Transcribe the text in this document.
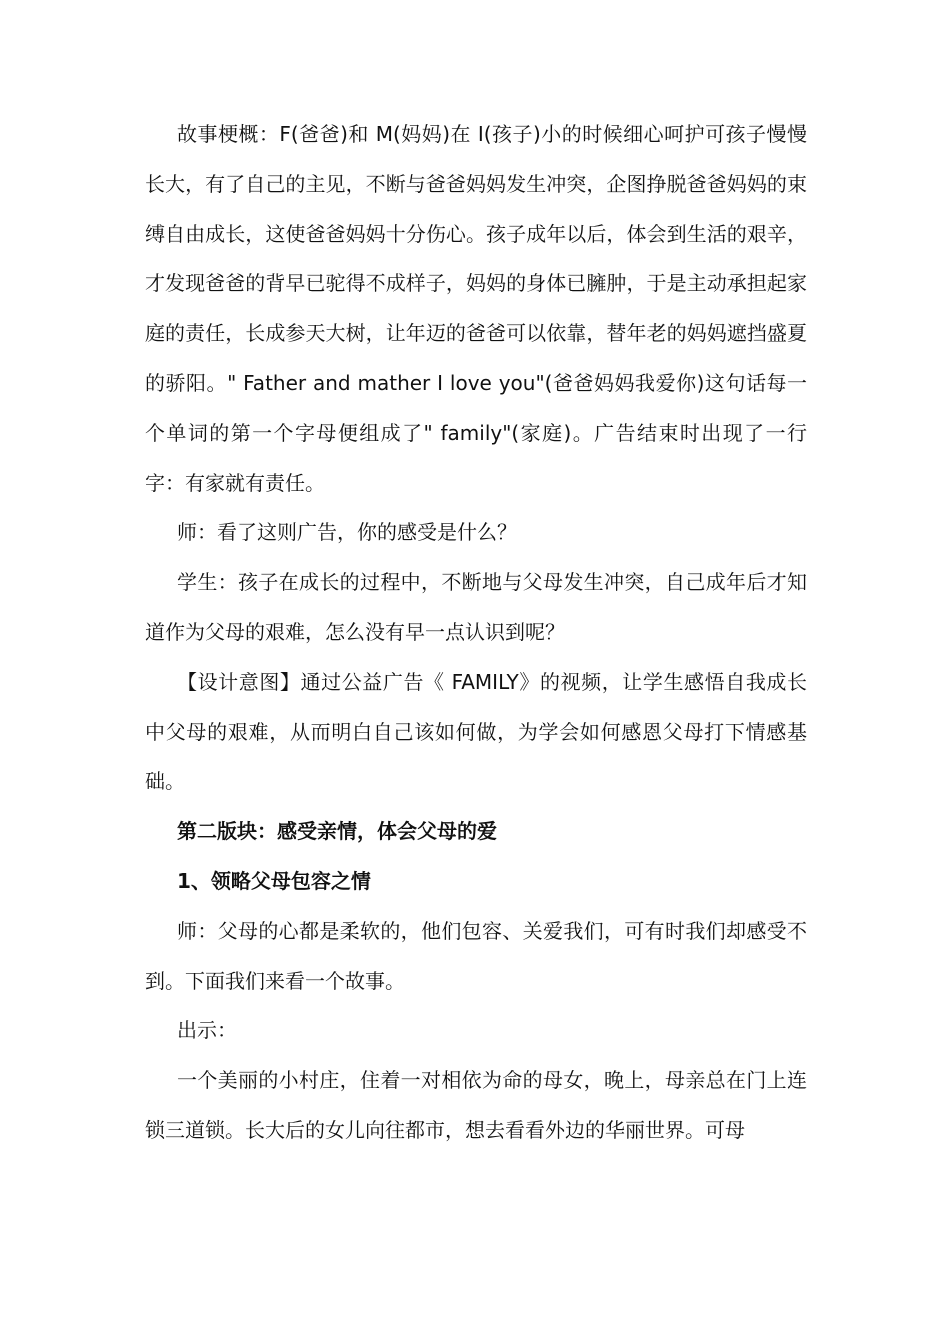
故事梗概：F(爸爸)和 M(妈妈)在 I(孩子)小的时候细心呵护可孩子慢慢长大，有了自己的主见，不断与爸爸妈妈发生冲突，企图挣脱爸爸妈妈的束缚自由成长，这使爸爸妈妈十分伤心。孩子成年以后，体会到生活的艰辛，才发现爸爸的背早已驼得不成样子，妈妈的身体已臃肿，于是主动承担起家庭的责任，长成参天大树，让年迈的爸爸可以依靠，替年老的妈妈遮挡盛夏的骄阳。" Father and mather I love you"(爸爸妈妈我爱你)这句话每一个单词的第一个字母便组成了" family"(家庭)。广告结束时出现了一行字：有家就有责任。

师：看了这则广告，你的感受是什么？

学生：孩子在成长的过程中，不断地与父母发生冲突，自己成年后才知道作为父母的艰难，怎么没有早一点认识到呢？

【设计意图】通过公益广告《 FAMILY》的视频，让学生感悟自我成长中父母的艰难，从而明白自己该如何做，为学会如何感恩父母打下情感基础。

第二版块：感受亲情，体会父母的爱

1、领略父母包容之情

师：父母的心都是柔软的，他们包容、关爱我们，可有时我们却感受不到。下面我们来看一个故事。

出示：

一个美丽的小村庄，住着一对相依为命的母女，晚上，母亲总在门上连锁三道锁。长大后的女儿向往都市，想去看看外边的华丽世界。可母
